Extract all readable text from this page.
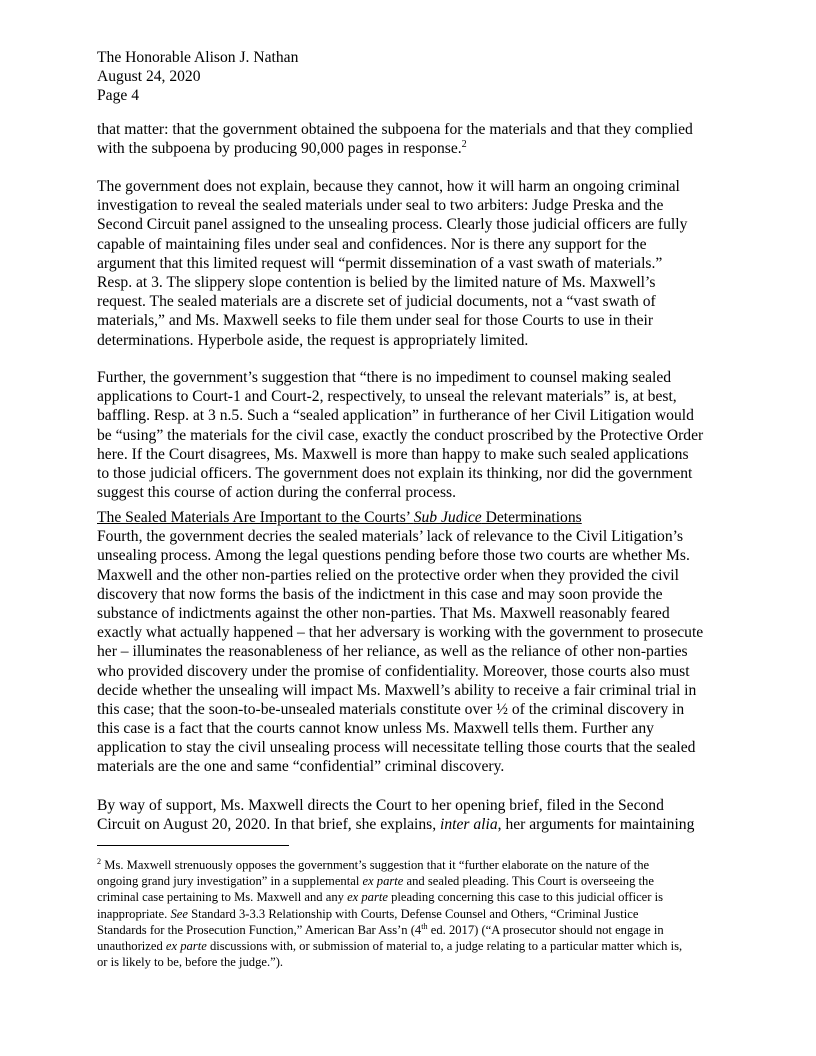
The Honorable Alison J. Nathan
August 24, 2020
Page 4
that matter: that the government obtained the subpoena for the materials and that they complied
with the subpoena by producing 90,000 pages in response.$^2$
The government does not explain, because they cannot, how it will harm an ongoing criminal
investigation to reveal the sealed materials under seal to two arbiters: Judge Preska and the
Second Circuit panel assigned to the unsealing process. Clearly those judicial officers are fully
capable of maintaining files under seal and confidences. Nor is there any support for the
argument that this limited request will “permit dissemination of a vast swath of materials.”
Resp. at 3. The slippery slope contention is belied by the limited nature of Ms. Maxwell’s
request. The sealed materials are a discrete set of judicial documents, not a “vast swath of
materials,” and Ms. Maxwell seeks to file them under seal for those Courts to use in their
determinations. Hyperbole aside, the request is appropriately limited.
Further, the government’s suggestion that “there is no impediment to counsel making sealed
applications to Court-1 and Court-2, respectively, to unseal the relevant materials” is, at best,
baffling. Resp. at 3 n.5. Such a “sealed application” in furtherance of her Civil Litigation would
be “using” the materials for the civil case, exactly the conduct proscribed by the Protective Order
here. If the Court disagrees, Ms. Maxwell is more than happy to make such sealed applications
to those judicial officers. The government does not explain its thinking, nor did the government
suggest this course of action during the conferral process.
The Sealed Materials Are Important to the Courts’ Sub Judice Determinations
Fourth, the government decries the sealed materials’ lack of relevance to the Civil Litigation’s
unsealing process. Among the legal questions pending before those two courts are whether Ms.
Maxwell and the other non-parties relied on the protective order when they provided the civil
discovery that now forms the basis of the indictment in this case and may soon provide the
substance of indictments against the other non-parties. That Ms. Maxwell reasonably feared
exactly what actually happened – that her adversary is working with the government to prosecute
her – illuminates the reasonableness of her reliance, as well as the reliance of other non-parties
who provided discovery under the promise of confidentiality. Moreover, those courts also must
decide whether the unsealing will impact Ms. Maxwell’s ability to receive a fair criminal trial in
this case; that the soon-to-be-unsealed materials constitute over ½ of the criminal discovery in
this case is a fact that the courts cannot know unless Ms. Maxwell tells them. Further any
application to stay the civil unsealing process will necessitate telling those courts that the sealed
materials are the one and same “confidential” criminal discovery.
By way of support, Ms. Maxwell directs the Court to her opening brief, filed in the Second
Circuit on August 20, 2020. In that brief, she explains, inter alia, her arguments for maintaining
$^2$ Ms. Maxwell strenuously opposes the government’s suggestion that it “further elaborate on the nature of the
ongoing grand jury investigation” in a supplemental ex parte and sealed pleading. This Court is overseeing the
criminal case pertaining to Ms. Maxwell and any ex parte pleading concerning this case to this judicial officer is
inappropriate. See Standard 3-3.3 Relationship with Courts, Defense Counsel and Others, “Criminal Justice
Standards for the Prosecution Function,” American Bar Ass’n (4th ed. 2017) (“A prosecutor should not engage in
unauthorized ex parte discussions with, or submission of material to, a judge relating to a particular matter which is,
or is likely to be, before the judge.”).
